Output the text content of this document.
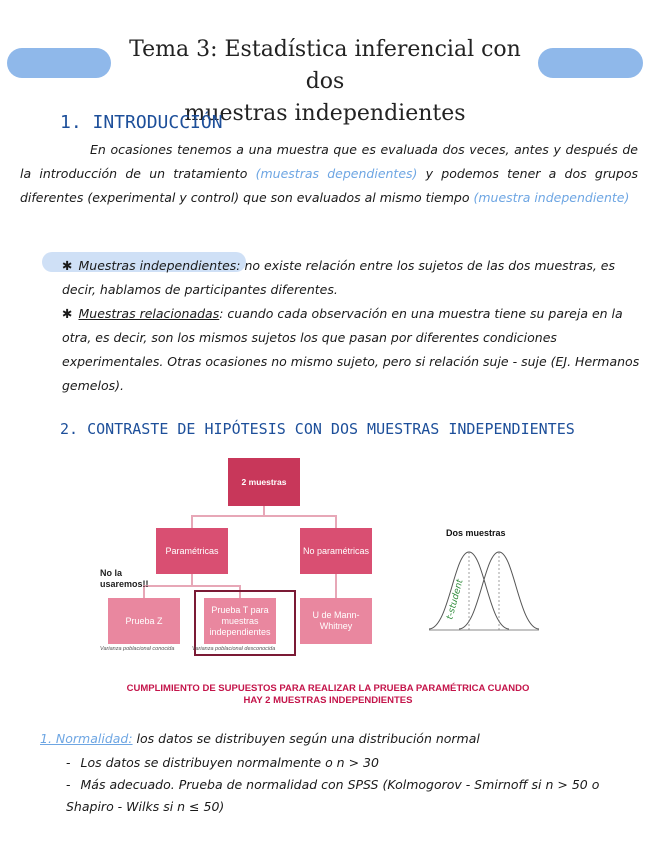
Tema 3: Estadística inferencial con dos
muestras independientes
1. INTRODUCCIÓN
En ocasiones tenemos a una muestra que es evaluada dos veces, antes y después de la introducción de un tratamiento (muestras dependientes) y podemos tener a dos grupos diferentes (experimental y control) que son evaluados al mismo tiempo (muestra independiente)
✱ Muestras independientes: no existe relación entre los sujetos de las dos muestras, es decir, hablamos de participantes diferentes.
✱ Muestras relacionadas: cuando cada observación en una muestra tiene su pareja en la otra, es decir, son los mismos sujetos los que pasan por diferentes condiciones experimentales. Otras ocasiones no mismo sujeto, pero si relación suje - suje (EJ. Hermanos gemelos).
2. CONTRASTE DE HIPÓTESIS CON DOS MUESTRAS INDEPENDIENTES
2 muestras
Paramétricas	No paramétricas
Prueba Z
Prueba T para muestras independientes
U de Mann-Whitney
Varianza poblacional conocida	Varianza poblacional desconocida
No la
usaremos!!
Dos muestras
t-student
CUMPLIMIENTO DE SUPUESTOS PARA REALIZAR LA PRUEBA PARAMÉTRICA CUANDO
HAY 2 MUESTRAS INDEPENDIENTES
1. Normalidad: los datos se distribuyen según una distribución normal
- Los datos se distribuyen normalmente o n > 30
- Más adecuado. Prueba de normalidad con SPSS (Kolmogorov - Smirnoff si n > 50 o Shapiro - Wilks si n ≤ 50)
